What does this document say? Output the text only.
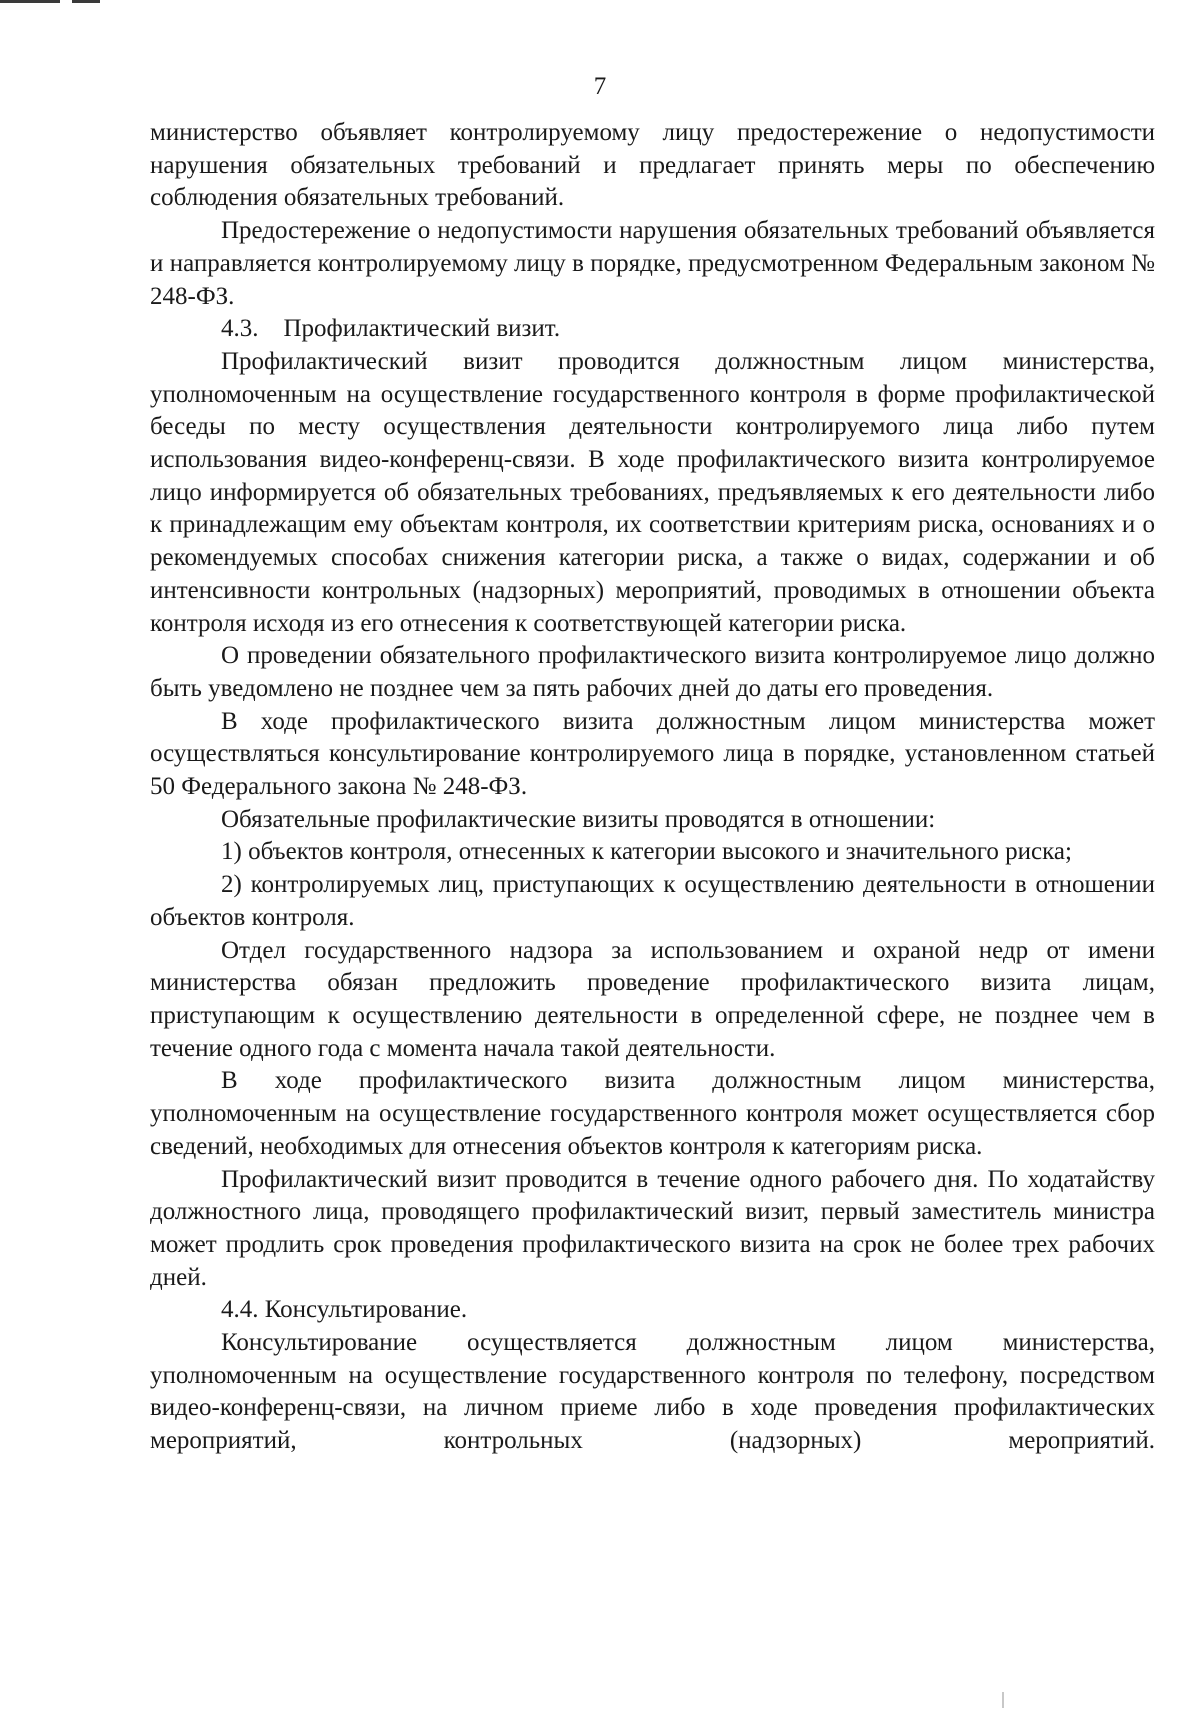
7

министерство объявляет контролируемому лицу предостережение о недопустимости нарушения обязательных требований и предлагает принять меры по обеспечению соблюдения обязательных требований.

Предостережение о недопустимости нарушения обязательных требований объявляется и направляется контролируемому лицу в порядке, предусмотренном Федеральным законом № 248-ФЗ.

4.3.    Профилактический визит.

Профилактический визит проводится должностным лицом министерства, уполномоченным на осуществление государственного контроля в форме профилактической беседы по месту осуществления деятельности контролируемого лица либо путем использования видео-конференц-связи. В ходе профилактического визита контролируемое лицо информируется об обязательных требованиях, предъявляемых к его деятельности либо к принадлежащим ему объектам контроля, их соответствии критериям риска, основаниях и о рекомендуемых способах снижения категории риска, а также о видах, содержании и об интенсивности контрольных (надзорных) мероприятий, проводимых в отношении объекта контроля исходя из его отнесения к соответствующей категории риска.

О проведении обязательного профилактического визита контролируемое лицо должно быть уведомлено не позднее чем за пять рабочих дней до даты его проведения.

В ходе профилактического визита должностным лицом министерства может осуществляться консультирование контролируемого лица в порядке, установленном статьей 50 Федерального закона № 248-ФЗ.

Обязательные профилактические визиты проводятся в отношении:

1) объектов контроля, отнесенных к категории высокого и значительного риска;

2) контролируемых лиц, приступающих к осуществлению деятельности в отношении объектов контроля.

Отдел государственного надзора за использованием и охраной недр от имени министерства обязан предложить проведение профилактического визита лицам, приступающим к осуществлению деятельности в определенной сфере, не позднее чем в течение одного года с момента начала такой деятельности.

В ходе профилактического визита должностным лицом министерства, уполномоченным на осуществление государственного контроля может осуществляется сбор сведений, необходимых для отнесения объектов контроля к категориям риска.

Профилактический визит проводится в течение одного рабочего дня. По ходатайству должностного лица, проводящего профилактический визит, первый заместитель министра может продлить срок проведения профилактического визита на срок не более трех рабочих дней.

4.4. Консультирование.

Консультирование осуществляется должностным лицом министерства, уполномоченным на осуществление государственного контроля по телефону, посредством видео-конференц-связи, на личном приеме либо в ходе проведения профилактических мероприятий, контрольных (надзорных) мероприятий.
